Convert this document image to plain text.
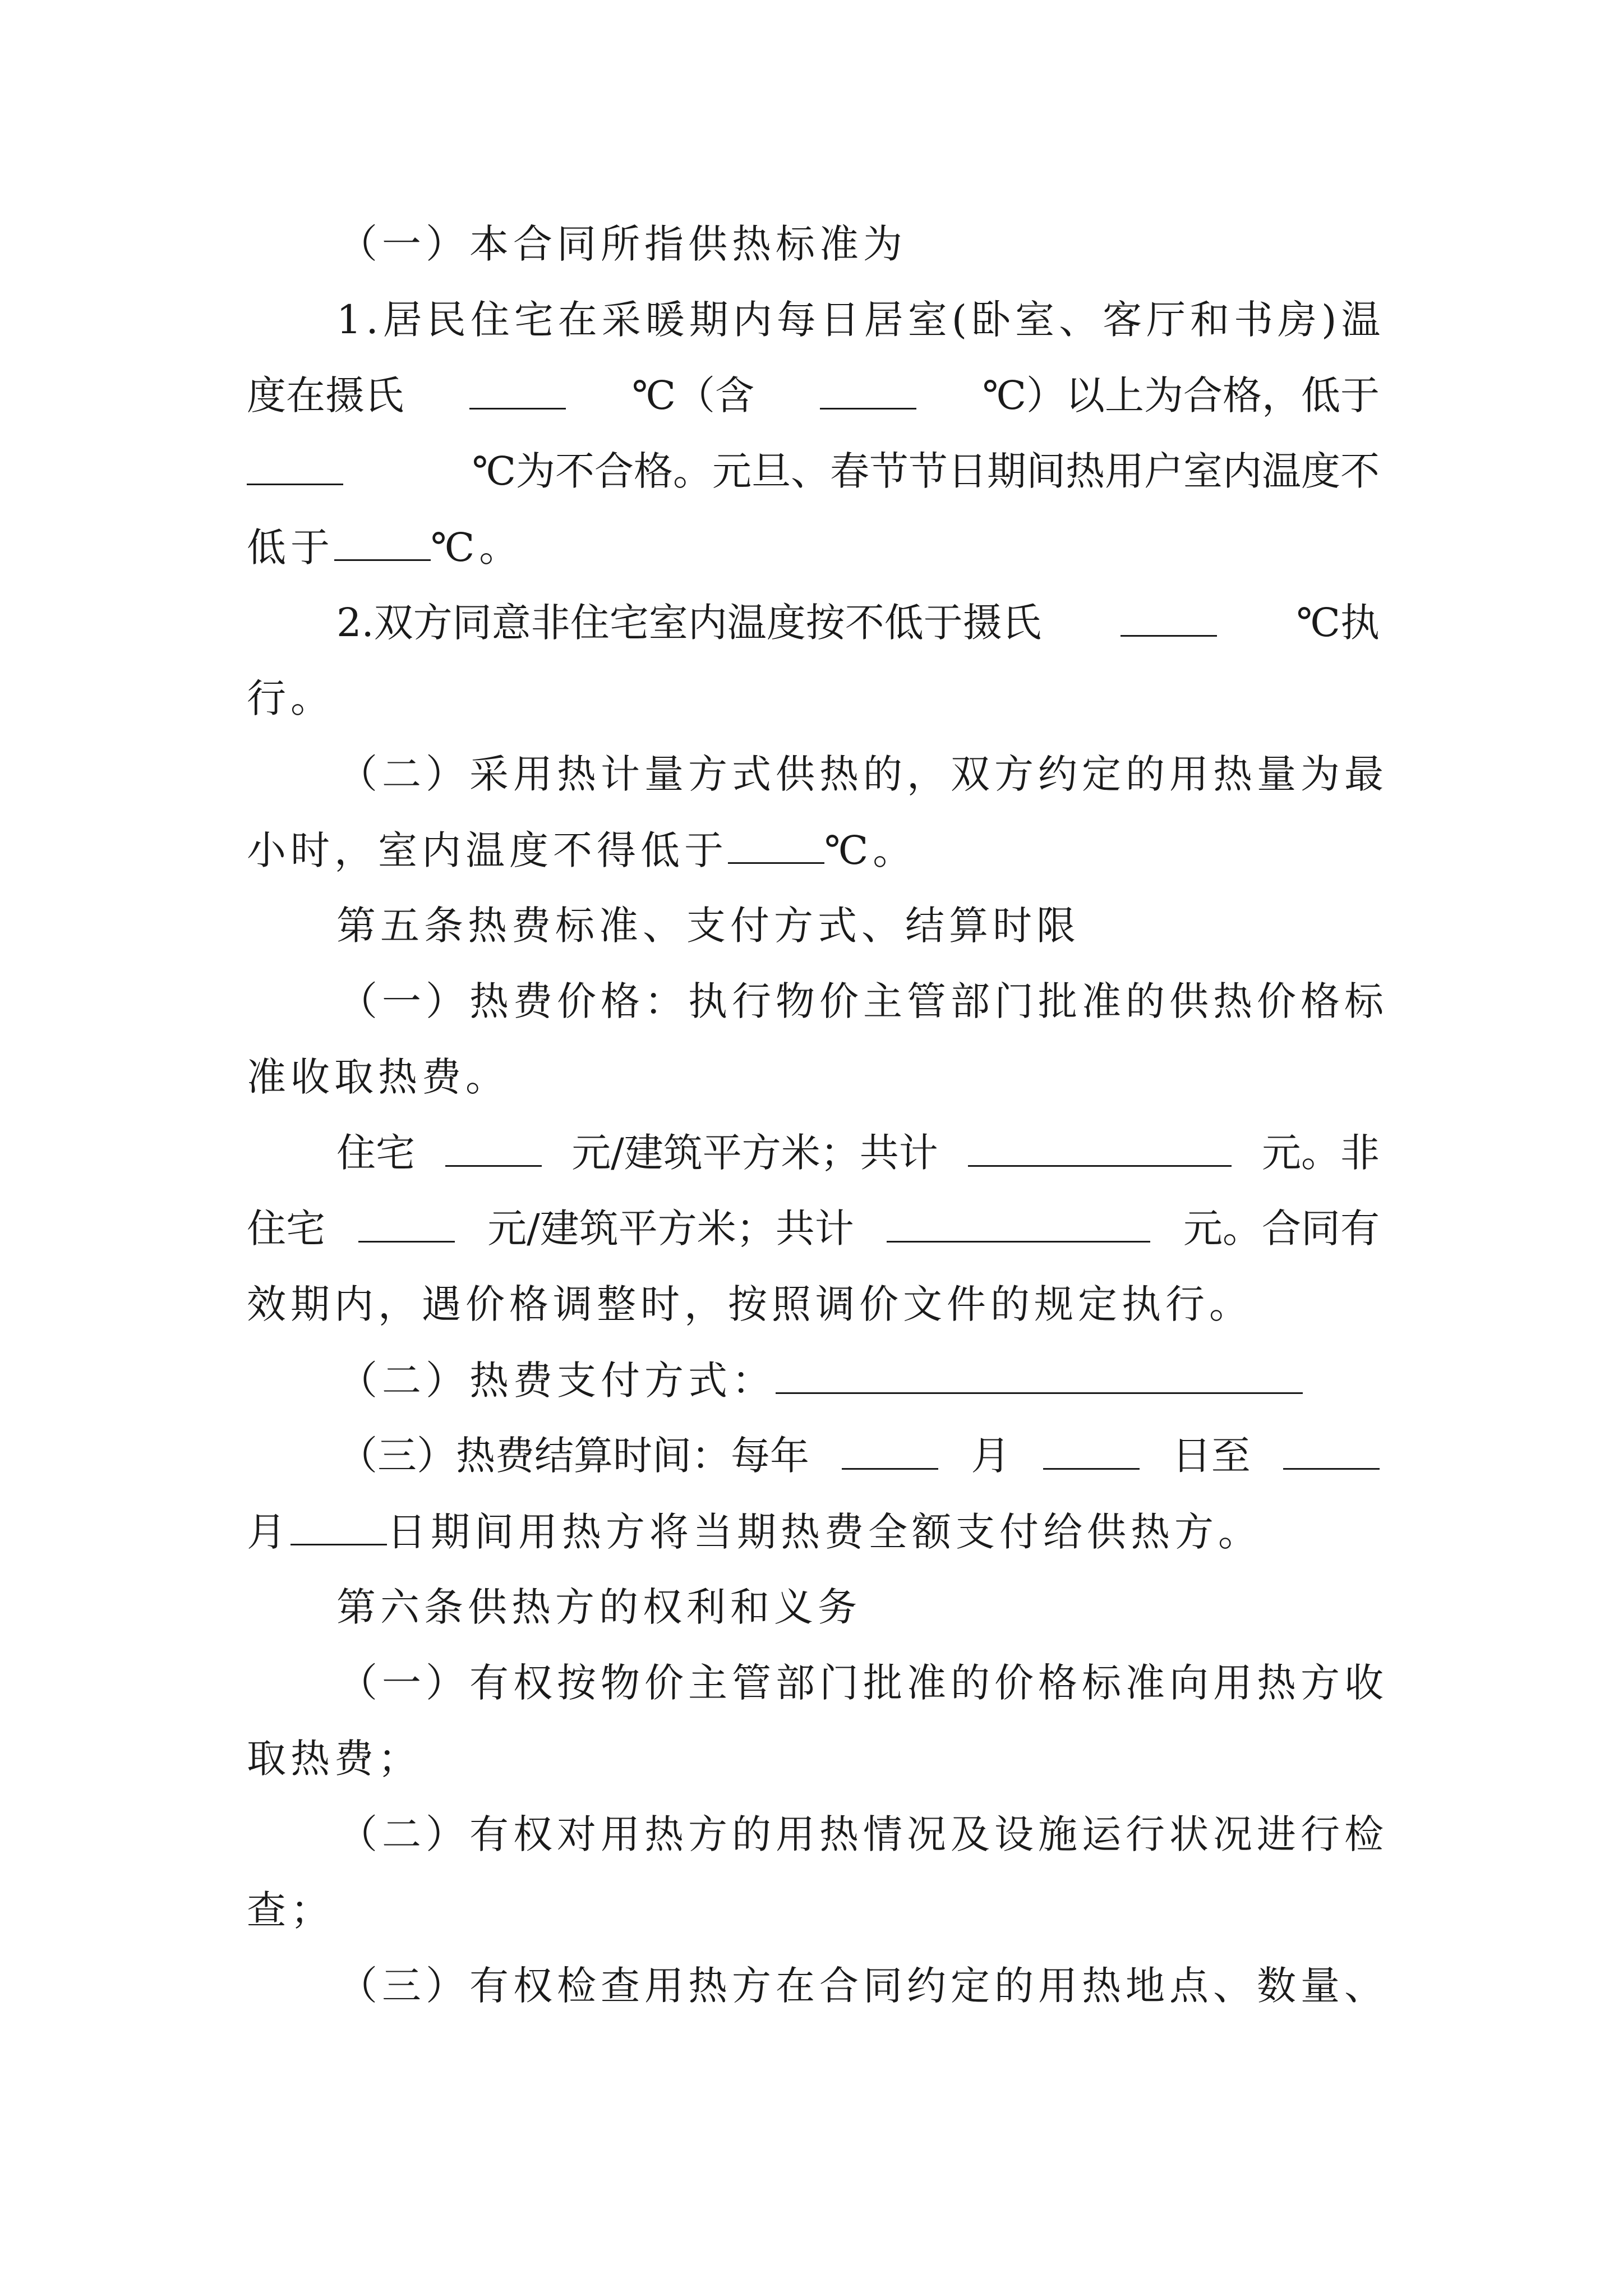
（一）本合同所指供热标准为
1.居民住宅在采暖期内每日居室(卧室、客厅和书房)温
度在摄氏	℃（含	℃）以上为合格，低于
℃为不合格。元旦、春节节日期间热用户室内温度不
低于 ℃。
2.双方同意非住宅室内温度按不低于摄氏	℃执
行。
（二）采用热计量方式供热的，双方约定的用热量为最
小时，室内温度不得低于 ℃。
第五条热费标准、支付方式、结算时限
（一）热费价格：执行物价主管部门批准的供热价格标
准收取热费。
住宅	元/建筑平方米；共计	元。非
住宅	元/建筑平方米；共计	元。合同有
效期内，遇价格调整时，按照调价文件的规定执行。
（二）热费支付方式：
（三）热费结算时间：每年	月	日至
月 日期间用热方将当期热费全额支付给供热方。
第六条供热方的权利和义务
（一）有权按物价主管部门批准的价格标准向用热方收
取热费；
（二）有权对用热方的用热情况及设施运行状况进行检
查；
（三）有权检查用热方在合同约定的用热地点、数量、
